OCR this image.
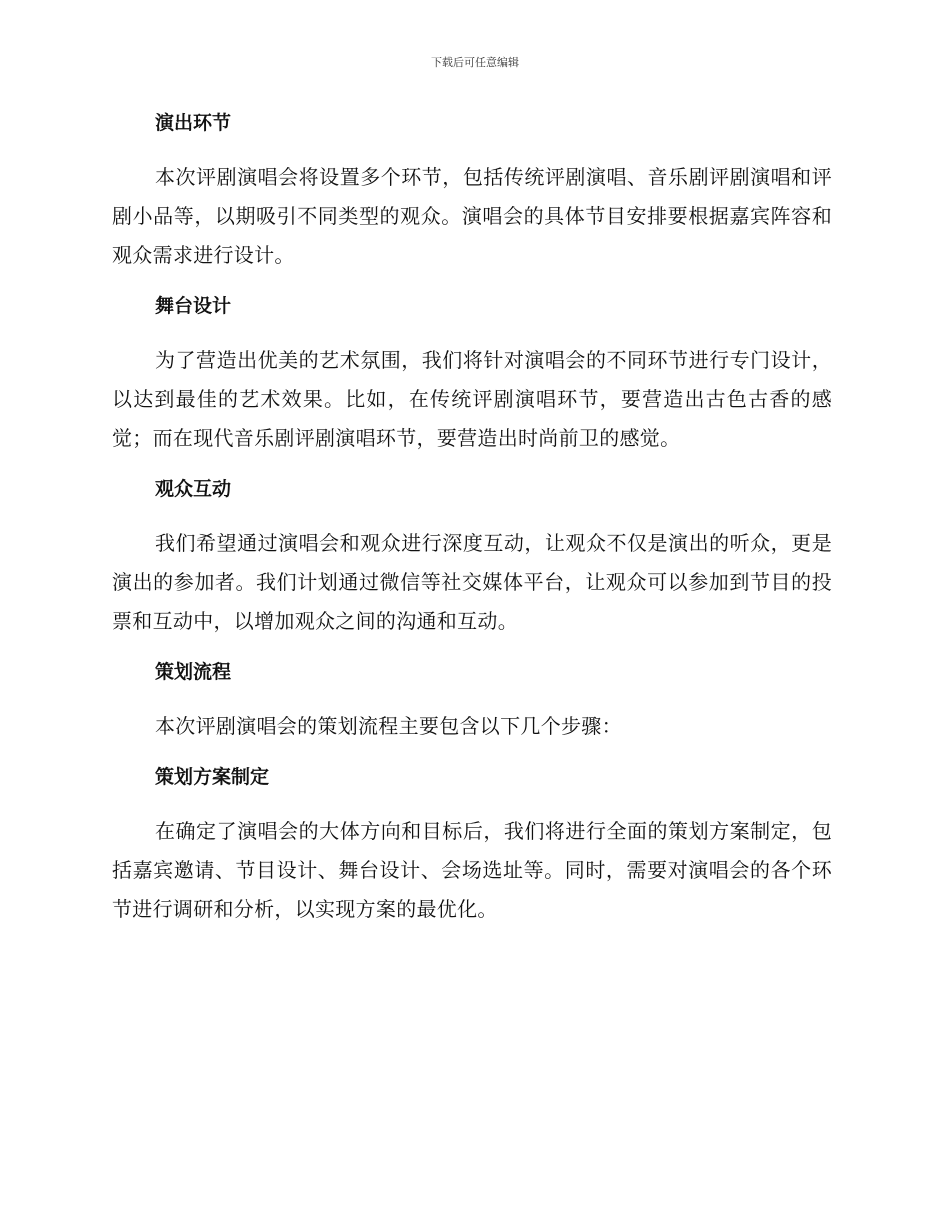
下载后可任意编辑
演出环节

本次评剧演唱会将设置多个环节，包括传统评剧演唱、音乐剧评剧演唱和评剧小品等，以期吸引不同类型的观众。演唱会的具体节目安排要根据嘉宾阵容和观众需求进行设计。

舞台设计

为了营造出优美的艺术氛围，我们将针对演唱会的不同环节进行专门设计，以达到最佳的艺术效果。比如，在传统评剧演唱环节，要营造出古色古香的感觉；而在现代音乐剧评剧演唱环节，要营造出时尚前卫的感觉。

观众互动

我们希望通过演唱会和观众进行深度互动，让观众不仅是演出的听众，更是演出的参加者。我们计划通过微信等社交媒体平台，让观众可以参加到节目的投票和互动中，以增加观众之间的沟通和互动。

策划流程

本次评剧演唱会的策划流程主要包含以下几个步骤：

策划方案制定

在确定了演唱会的大体方向和目标后，我们将进行全面的策划方案制定，包括嘉宾邀请、节目设计、舞台设计、会场选址等。同时，需要对演唱会的各个环节进行调研和分析，以实现方案的最优化。
